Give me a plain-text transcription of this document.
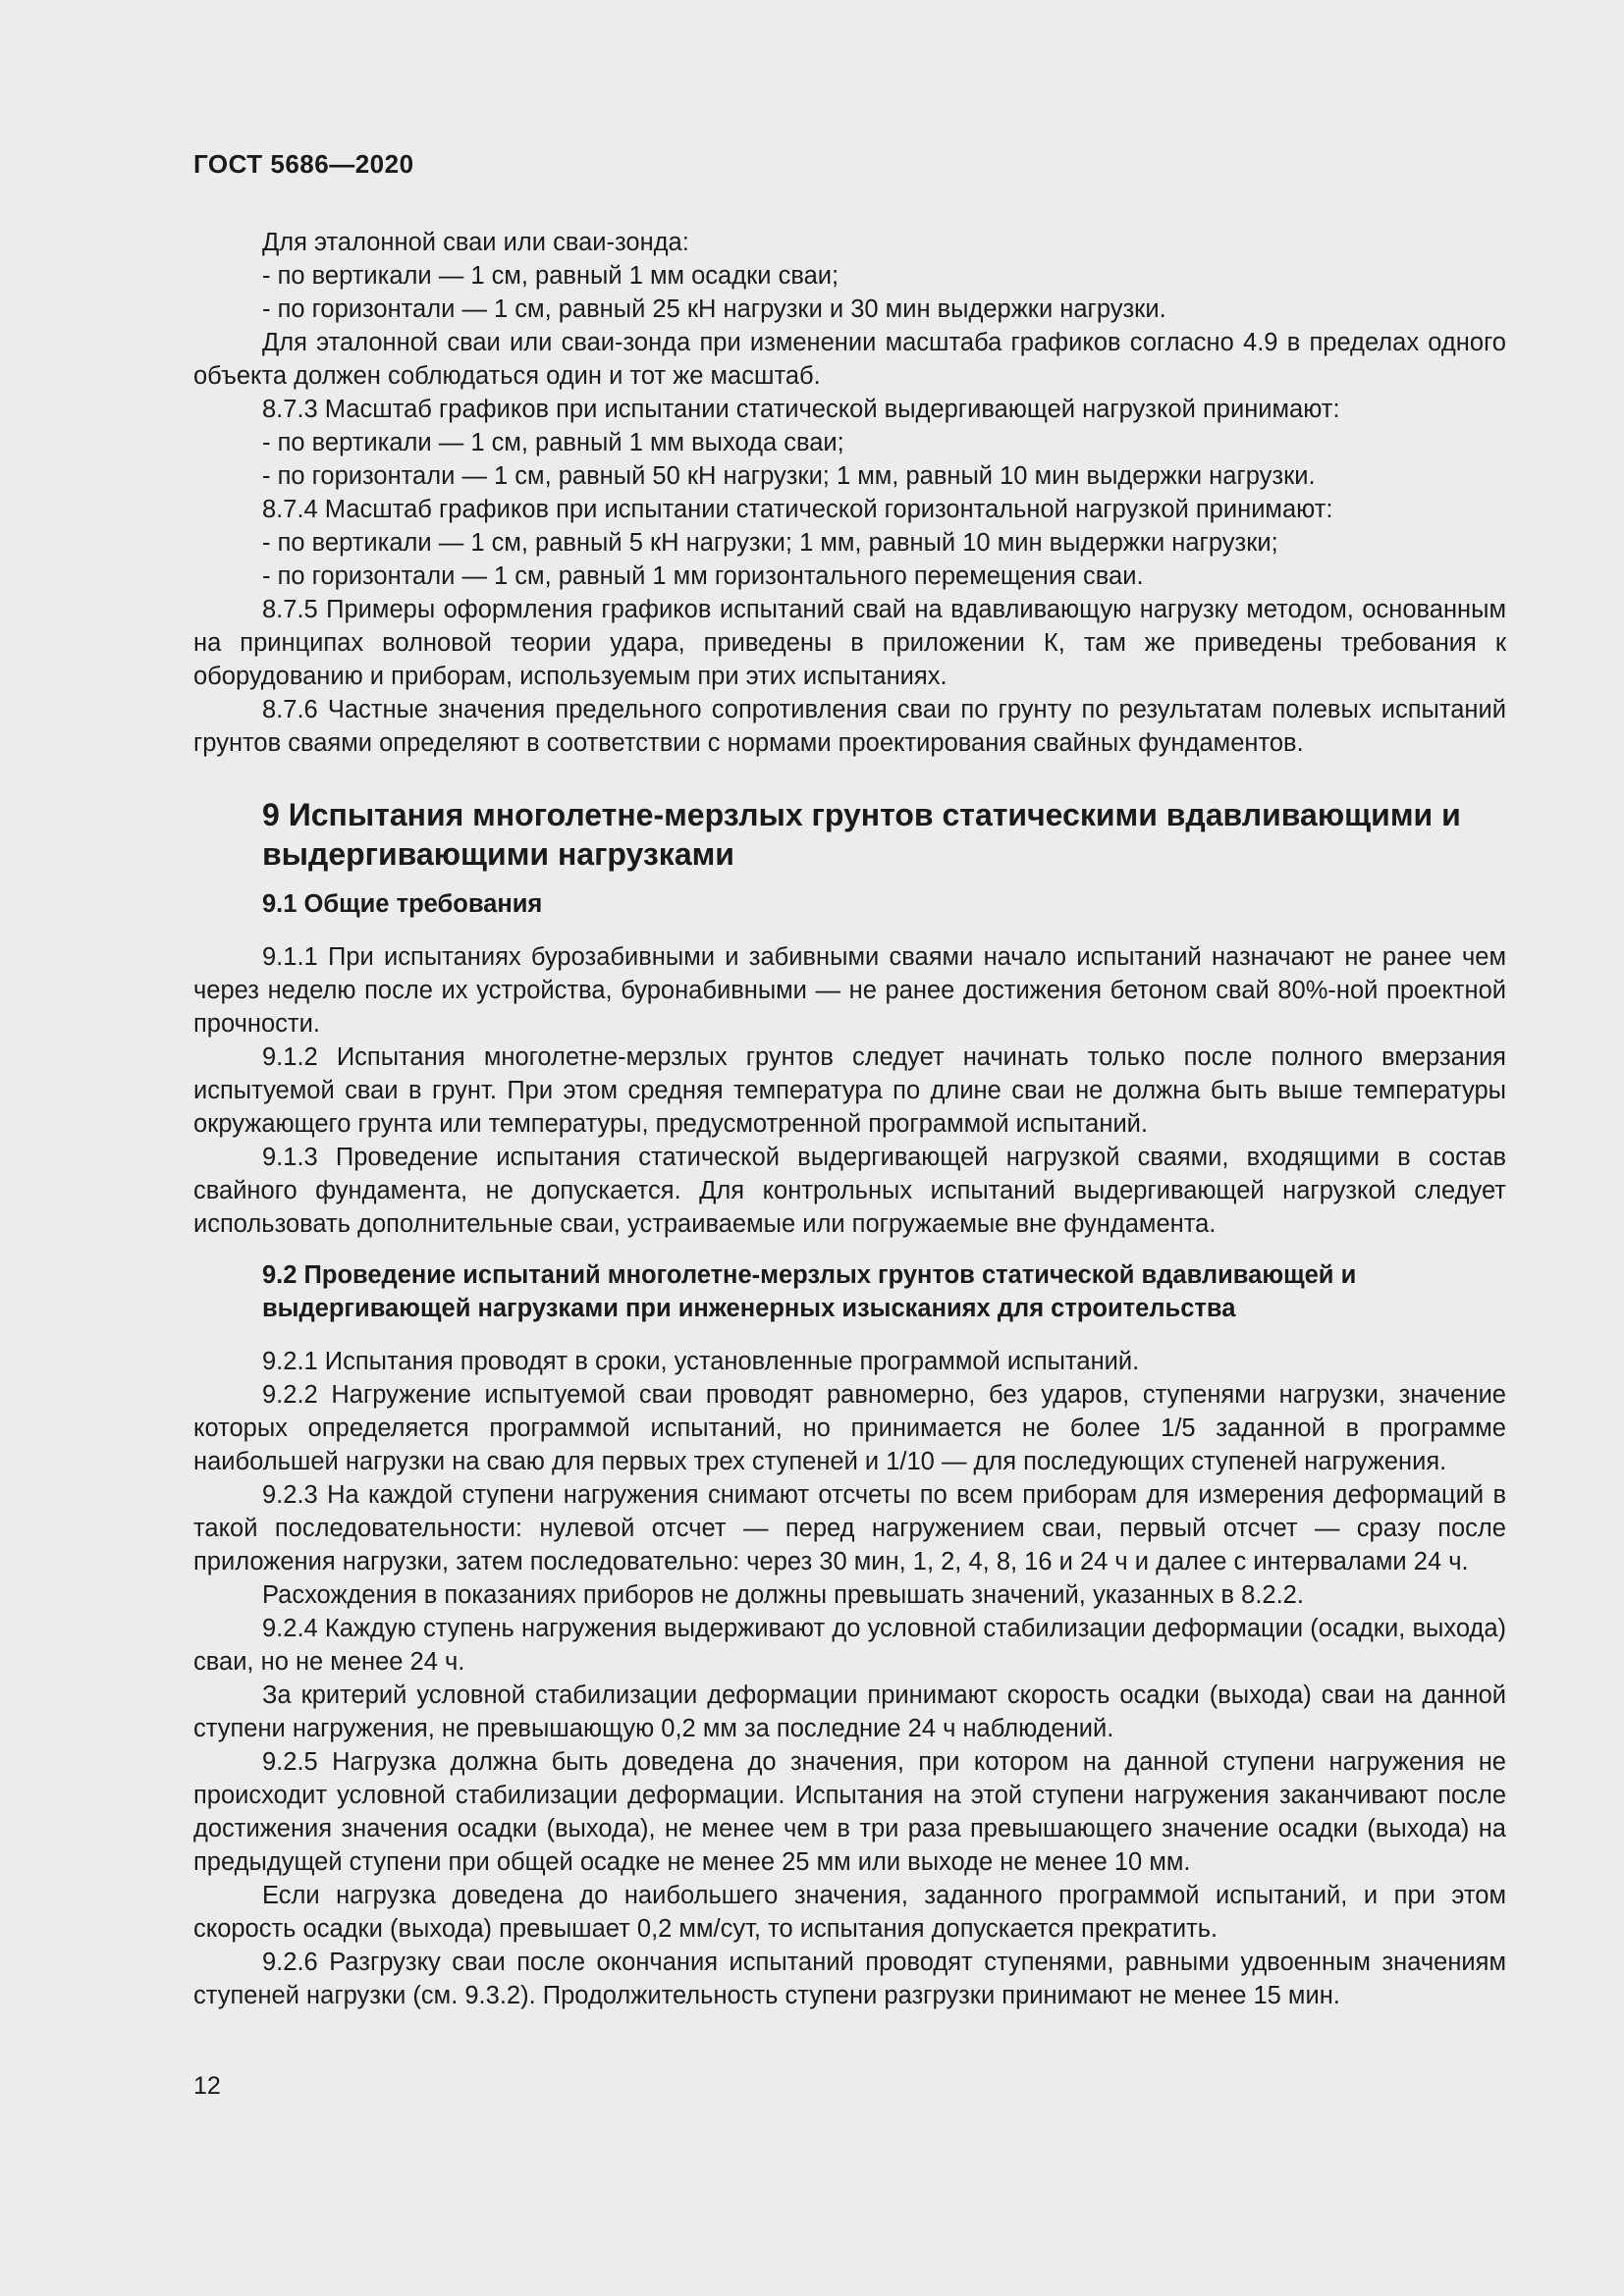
ГОСТ 5686—2020
Для эталонной сваи или сваи-зонда:
- по вертикали — 1 см, равный 1 мм осадки сваи;
- по горизонтали — 1 см, равный 25 кН нагрузки и 30 мин выдержки нагрузки.
Для эталонной сваи или сваи-зонда при изменении масштаба графиков согласно 4.9 в пределах одного объекта должен соблюдаться один и тот же масштаб.
8.7.3 Масштаб графиков при испытании статической выдергивающей нагрузкой принимают:
- по вертикали — 1 см, равный 1 мм выхода сваи;
- по горизонтали — 1 см, равный 50 кН нагрузки; 1 мм, равный 10 мин выдержки нагрузки.
8.7.4 Масштаб графиков при испытании статической горизонтальной нагрузкой принимают:
- по вертикали — 1 см, равный 5 кН нагрузки; 1 мм, равный 10 мин выдержки нагрузки;
- по горизонтали — 1 см, равный 1 мм горизонтального перемещения сваи.
8.7.5 Примеры оформления графиков испытаний свай на вдавливающую нагрузку методом, основанным на принципах волновой теории удара, приведены в приложении К, там же приведены требования к оборудованию и приборам, используемым при этих испытаниях.
8.7.6 Частные значения предельного сопротивления сваи по грунту по результатам полевых испытаний грунтов сваями определяют в соответствии с нормами проектирования свайных фундаментов.
9 Испытания многолетне-мерзлых грунтов статическими вдавливающими и выдергивающими нагрузками
9.1 Общие требования
9.1.1 При испытаниях бурозабивными и забивными сваями начало испытаний назначают не ранее чем через неделю после их устройства, буронабивными — не ранее достижения бетоном свай 80%-ной проектной прочности.
9.1.2 Испытания многолетне-мерзлых грунтов следует начинать только после полного вмерзания испытуемой сваи в грунт. При этом средняя температура по длине сваи не должна быть выше температуры окружающего грунта или температуры, предусмотренной программой испытаний.
9.1.3 Проведение испытания статической выдергивающей нагрузкой сваями, входящими в состав свайного фундамента, не допускается. Для контрольных испытаний выдергивающей нагрузкой следует использовать дополнительные сваи, устраиваемые или погружаемые вне фундамента.
9.2 Проведение испытаний многолетне-мерзлых грунтов статической вдавливающей и выдергивающей нагрузками при инженерных изысканиях для строительства
9.2.1 Испытания проводят в сроки, установленные программой испытаний.
9.2.2 Нагружение испытуемой сваи проводят равномерно, без ударов, ступенями нагрузки, значение которых определяется программой испытаний, но принимается не более 1/5 заданной в программе наибольшей нагрузки на сваю для первых трех ступеней и 1/10 — для последующих ступеней нагружения.
9.2.3 На каждой ступени нагружения снимают отсчеты по всем приборам для измерения деформаций в такой последовательности: нулевой отсчет — перед нагружением сваи, первый отсчет — сразу после приложения нагрузки, затем последовательно: через 30 мин, 1, 2, 4, 8, 16 и 24 ч и далее с интервалами 24 ч.
Расхождения в показаниях приборов не должны превышать значений, указанных в 8.2.2.
9.2.4 Каждую ступень нагружения выдерживают до условной стабилизации деформации (осадки, выхода) сваи, но не менее 24 ч.
За критерий условной стабилизации деформации принимают скорость осадки (выхода) сваи на данной ступени нагружения, не превышающую 0,2 мм за последние 24 ч наблюдений.
9.2.5 Нагрузка должна быть доведена до значения, при котором на данной ступени нагружения не происходит условной стабилизации деформации. Испытания на этой ступени нагружения заканчивают после достижения значения осадки (выхода), не менее чем в три раза превышающего значение осадки (выхода) на предыдущей ступени при общей осадке не менее 25 мм или выходе не менее 10 мм.
Если нагрузка доведена до наибольшего значения, заданного программой испытаний, и при этом скорость осадки (выхода) превышает 0,2 мм/сут, то испытания допускается прекратить.
9.2.6 Разгрузку сваи после окончания испытаний проводят ступенями, равными удвоенным значениям ступеней нагрузки (см. 9.3.2). Продолжительность ступени разгрузки принимают не менее 15 мин.
12
